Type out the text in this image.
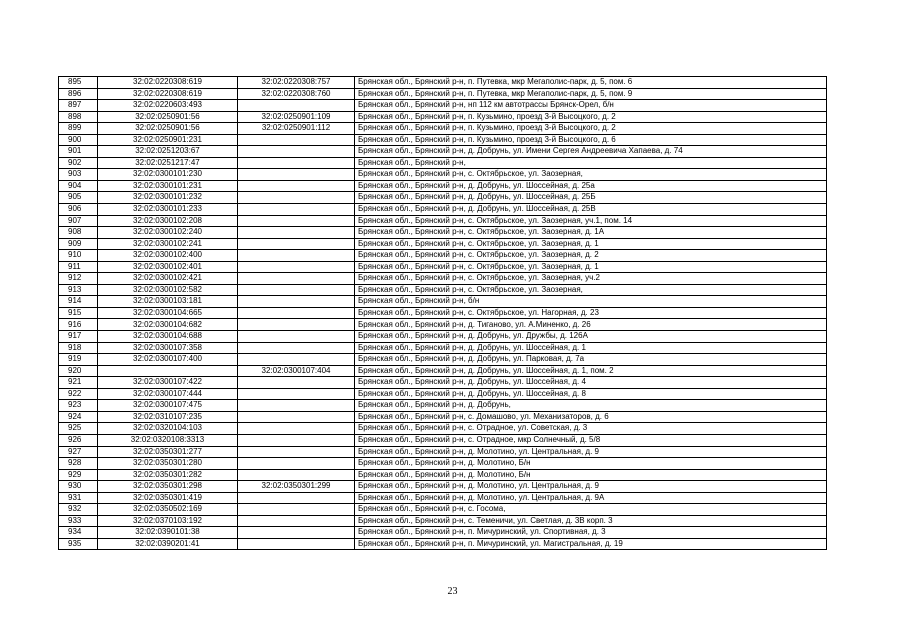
895	32:02:0220308:619	32:02:0220308:757	Брянская обл., Брянский р-н, п. Путевка, мкр Мегаполис-парк, д. 5, пом. 6
896	32:02:0220308:619	32:02:0220308:760	Брянская обл., Брянский р-н, п. Путевка, мкр Мегаполис-парк, д. 5, пом. 9
897	32:02:0220603:493		Брянская обл., Брянский р-н, нп 112 км автотрассы Брянск-Орел, б/н
898	32:02:0250901:56	32:02:0250901:109	Брянская обл., Брянский р-н, п. Кузьмино, проезд 3-й Высоцкого, д. 2
899	32:02:0250901:56	32:02:0250901:112	Брянская обл., Брянский р-н, п. Кузьмино, проезд 3-й Высоцкого, д. 2
900	32:02:0250901:231		Брянская обл., Брянский р-н, п. Кузьмино, проезд 3-й Высоцкого, д. 6
901	32:02:0251203:67		Брянская обл., Брянский р-н, д. Добрунь, ул. Имени Сергея Андреевича Хапаева, д. 74
902	32:02:0251217:47		Брянская обл., Брянский р-н,
903	32:02:0300101:230		Брянская обл., Брянский р-н, с. Октябрьское, ул. Заозерная,
904	32:02:0300101:231		Брянская обл., Брянский р-н, д. Добрунь, ул. Шоссейная, д. 25а
905	32:02:0300101:232		Брянская обл., Брянский р-н, д. Добрунь, ул. Шоссейная, д. 25Б
906	32:02:0300101:233		Брянская обл., Брянский р-н, д. Добрунь, ул. Шоссейная, д. 25В
907	32:02:0300102:208		Брянская обл., Брянский р-н, с. Октябрьское, ул. Заозерная, уч.1, пом. 14
908	32:02:0300102:240		Брянская обл., Брянский р-н, с. Октябрьское, ул. Заозерная, д. 1А
909	32:02:0300102:241		Брянская обл., Брянский р-н, с. Октябрьское, ул. Заозерная, д. 1
910	32:02:0300102:400		Брянская обл., Брянский р-н, с. Октябрьское, ул. Заозерная, д. 2
911	32:02:0300102:401		Брянская обл., Брянский р-н, с. Октябрьское, ул. Заозерная, д. 1
912	32:02:0300102:421		Брянская обл., Брянский р-н, с. Октябрьское, ул. Заозерная, уч.2
913	32:02:0300102:582		Брянская обл., Брянский р-н, с. Октябрьское, ул. Заозерная,
914	32:02:0300103:181		Брянская обл., Брянский р-н, б/н
915	32:02:0300104:665		Брянская обл., Брянский р-н, с. Октябрьское, ул. Нагорная, д. 23
916	32:02:0300104:682		Брянская обл., Брянский р-н, д. Тиганово, ул. А.Миненко, д. 26
917	32:02:0300104:688		Брянская обл., Брянский р-н, д. Добрунь, ул. Дружбы, д. 126А
918	32:02:0300107:358		Брянская обл., Брянский р-н, д. Добрунь, ул. Шоссейная, д. 1
919	32:02:0300107:400		Брянская обл., Брянский р-н, д. Добрунь, ул. Парковая, д. 7а
920		32:02:0300107:404	Брянская обл., Брянский р-н, д. Добрунь, ул. Шоссейная, д. 1, пом. 2
921	32:02:0300107:422		Брянская обл., Брянский р-н, д. Добрунь, ул. Шоссейная, д. 4
922	32:02:0300107:444		Брянская обл., Брянский р-н, д. Добрунь, ул. Шоссейная, д. 8
923	32:02:0300107:475		Брянская обл., Брянский р-н, д. Добрунь,
924	32:02:0310107:235		Брянская обл., Брянский р-н, с. Домашово, ул. Механизаторов, д. 6
925	32:02:0320104:103		Брянская обл., Брянский р-н, с. Отрадное, ул. Советская, д. 3
926	32:02:0320108:3313		Брянская обл., Брянский р-н, с. Отрадное, мкр Солнечный, д. 5/8
927	32:02:0350301:277		Брянская обл., Брянский р-н, д. Молотино, ул. Центральная, д. 9
928	32:02:0350301:280		Брянская обл., Брянский р-н, д. Молотино, Б/н
929	32:02:0350301:282		Брянская обл., Брянский р-н, д. Молотино, Б/н
930	32:02:0350301:298	32:02:0350301:299	Брянская обл., Брянский р-н, д. Молотино, ул. Центральная, д. 9
931	32:02:0350301:419		Брянская обл., Брянский р-н, д. Молотино, ул. Центральная, д. 9А
932	32:02:0350502:169		Брянская обл., Брянский р-н, с. Госома,
933	32:02:0370103:192		Брянская обл., Брянский р-н, с. Теменичи, ул. Светлая, д. 3В корп. 3
934	32:02:0390101:38		Брянская обл., Брянский р-н, п. Мичуринский, ул. Спортивная, д. 3
935	32:02:0390201:41		Брянская обл., Брянский р-н, п. Мичуринский, ул. Магистральная, д. 19
23
